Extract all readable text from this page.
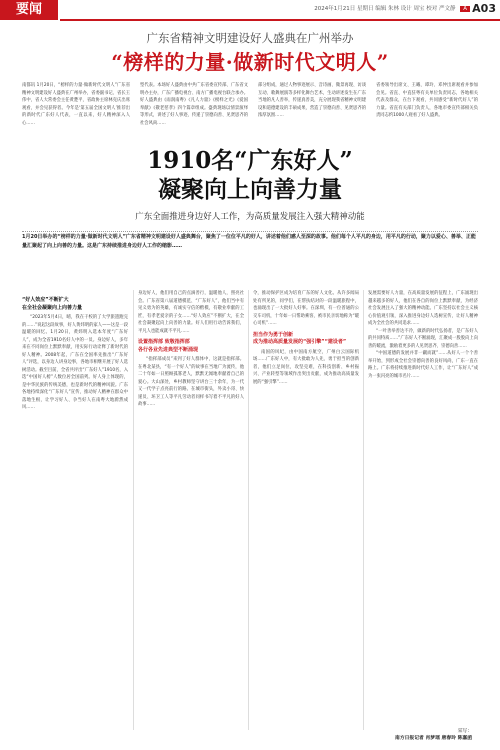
要闻	2024年1月21日 星期日 编辑 朱林 设计 周宝 校对 严文静 A A03
广东省精神文明建设好人盛典在广州举办
“榜样的力量·做新时代文明人”

南都讯 1月20日，“榜样的力量·做新时代文明人”广东省精神文明建设好人盛典在广州举办，省委副书记、省长王伟中，省人大常委会主任黄楚平，省政协主席林克庆出席观看，并会见获得者。今年是‘第五届全国文明人’推荐出的新时代广东好人代表，一直以来，好人精神深入人心……

型代表。本场好人盛典由中共广东省委宣传部、广东省文明办主办，广东广播电视台、南方广播电视台联合承办。好人盛典由《雨润南粤》《凡人力量》《榜样之光》《爱国奉献》《敬老慈孝》四个篇章组成。盛典现场以情景演绎等形式，讲述了好人事迹，传递了崇德向善、见贤思齐的社会风尚……

部分组成，通过人物事迹展示、音诗画、微景再现、访谈互动、歌舞展演等多样化舞台艺术，生动讲述发生在广东当地的凡人善举，传递真善美，充分展现我省精神文明建设和道德建设的丰硕成果，营造了崇德向善、见贤思齐的浓厚氛围……

省委领导出席文、王曦、谭玲、邓仲出席观看并参加会见。省直、中直驻粤有关单位负责同志，各地相关代表及群众，在台下观看，共同感受“新时代好人”的力量。省直有关部门负责人，各地市委宣传部相关负责同志约1000人观看了好人盛典。

1910名“广东好人”
凝聚向上向善力量
广东全面推进身边好人工作，为高质量发展注入强大精神动能
1月20日举办的“榜样的力量·做新时代文明人”广东省精神文明建设好人盛典舞台，聚焦了一位位平凡的好人，讲述着他们感人至深的故事。他们每个人平凡的身边，用平凡的行动，聚力以爱心、善举、正能量汇聚起了向上向善的力量。这是广东持续推进身边好人工作的缩影……
“好人效应”不断扩大
在全社会凝聚向上向善力量

“2023年5月4日，晴，我在干校的了大学旅遗跑完的……”说起这段故事，好人黄炜明的家人——这是一段温暖的回忆。1月20日，黄炜明入选本年度“广东好人”，成为全省1910名好人中的一员。身边好人，多年来在不同岗位上默默奉献，用实际行动诠释了新时代的好人精神。2008年起，广东在全国率先推出“广东好人”评选，以身边人讲身边事，各地市相继开展了好人选树活动。截至目前，全省共评出“广东好人”1910名，入选“中国好人榜”人数位居全国前列。好人身上体现的，是中华民族的传统美德，也是新时代的精神风貌。广东各地持续深化“广东好人”宣传，推动好人精神在群众中落地生根，让学习好人、争当好人在南粤大地蔚然成风……

身边好人，他们用自己的点滴善行，温暖他人，照亮社会。广东省第八届道德模范、“广东好人”，他们当中有见义勇为的英雄，有诚实守信的楷模，有敬业奉献的工匠，有孝老爱亲的子女……“好人效应”不断扩大，在全社会凝聚起向上向善的力量。好人们用行动告诉我们，平凡人也能成就不平凡……

设置指挥部 致敬指挥部
各行各业先进典型不断涌现

“指挥部成员”来到了好人群体中，这就是指挥部。在粤北某县，“有一个好人”的故事在当地广为流传，他二十年如一日照顾孤寡老人，默默无闻地奉献着自己的爱心。大山深处，乡村教师坚守讲台三十余年，为一代又一代学子点亮前行的路。在城市街头，外卖小哥、快递员、环卫工人等平凡劳动者同样书写着不平凡的好人故事……

令，推动保护区成为培育广东的好人文化。从许多闻局处有所见的，同学们，在帮扶结对的一段温暖旅程中，也涌现出了一大批好人好事。在深圳，有一位普通的公交车司机，十年如一日帮助乘客，被市民亲切地称为“暖心司机”……

担当作为勇于创新
成为推动高质量发展的“强引擎”“建设者”

南国的风纪，由中国南方航空，广州白云国际机场……广东好人中，有大批敢为人先、勇于担当的创新者，他们立足岗位，攻坚克难，在科技创新、乡村振兴、产业转型等领域作出突出贡献，成为推动高质量发展的“强引擎”……

发展需要好人力量，在高质量发展的征程上，广东涌现出越来越多的好人，他们在各自的岗位上默默奉献，为经济社会发展注入了强大的精神动能。广东坚持以社会主义核心价值观引领，深入推进身边好人选树宣传，让好人精神成为全社会的共同追求……

“一叶善举善达不冷，做新的时代弘扬者，是广东好人的共同特质……”广东好人不断涌现，汇聚成一股股向上向善的暖流，激励着更多的人见贤思齐、崇德向善……

“中国道德的发展并非一蹴而就”……从好人一个个善举开始，到形成全社会崇德向善的良好风尚，广东一直在路上。广东将持续推进新时代好人工作，让“广东好人”成为一张闪亮的城市名片……

采写：
南方日报记者 肖梦瑶 唐春玲 陈嘉函
